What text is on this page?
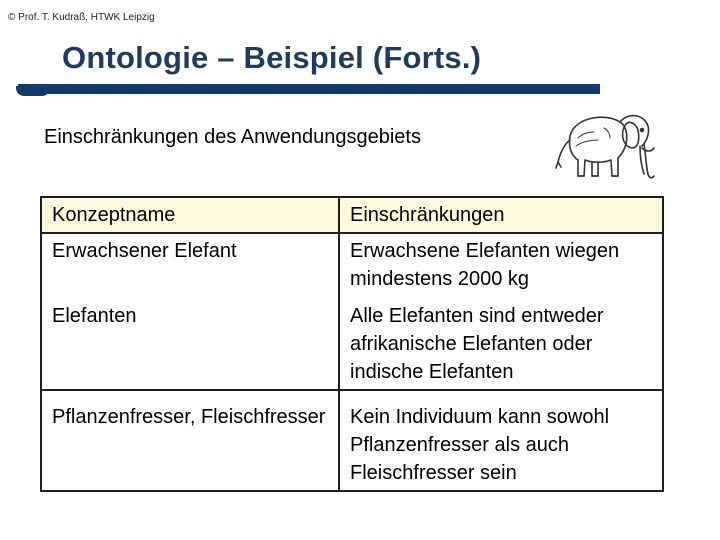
© Prof. T. Kudraß, HTWK Leipzig
Ontologie – Beispiel (Forts.)
Einschränkungen des Anwendungsgebiets
Konzeptname	Einschränkungen
Erwachsener Elefant	Erwachsene Elefanten wiegen mindestens 2000 kg
Elefanten	Alle Elefanten sind entweder afrikanische Elefanten oder indische Elefanten
Pflanzenfresser, Fleischfresser	Kein Individuum kann sowohl Pflanzenfresser als auch Fleischfresser sein
